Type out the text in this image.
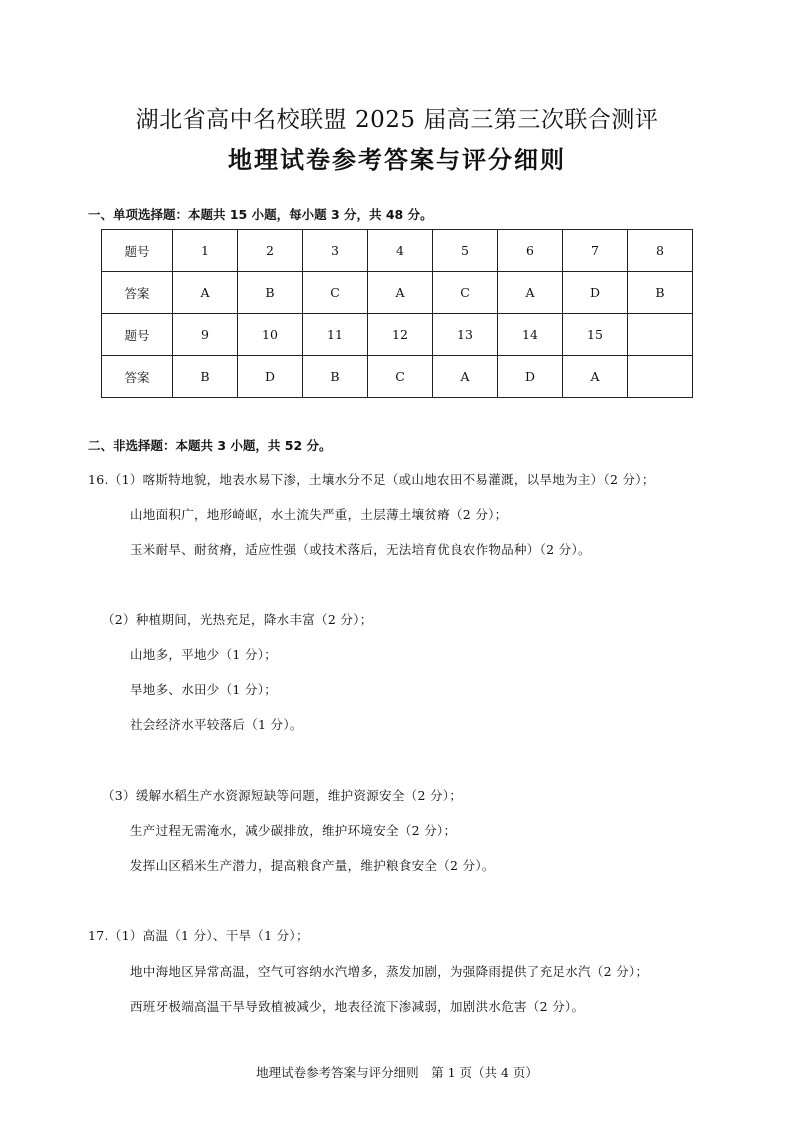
湖北省高中名校联盟 2025 届高三第三次联合测评
地理试卷参考答案与评分细则
一、单项选择题：本题共 15 小题，每小题 3 分，共 48 分。
题号	1	2	3	4	5	6	7	8
答案	A	B	C	A	C	A	D	B
题号	9	10	11	12	13	14	15	
答案	B	D	B	C	A	D	A	
二、非选择题：本题共 3 小题，共 52 分。
16.（1）喀斯特地貌，地表水易下渗，土壤水分不足（或山地农田不易灌溉，以旱地为主）（2 分）；
山地面积广，地形崎岖，水土流失严重，土层薄土壤贫瘠（2 分）；
玉米耐旱、耐贫瘠，适应性强（或技术落后，无法培育优良农作物品种）（2 分）。
（2）种植期间，光热充足，降水丰富（2 分）；
山地多，平地少（1 分）；
旱地多、水田少（1 分）；
社会经济水平较落后（1 分）。
（3）缓解水稻生产水资源短缺等问题，维护资源安全（2 分）；
生产过程无需淹水，减少碳排放，维护环境安全（2 分）；
发挥山区稻米生产潜力，提高粮食产量，维护粮食安全（2 分）。
17.（1）高温（1 分）、干旱（1 分）；
地中海地区异常高温，空气可容纳水汽增多，蒸发加剧，为强降雨提供了充足水汽（2 分）；
西班牙极端高温干旱导致植被减少，地表径流下渗减弱，加剧洪水危害（2 分）。
地理试卷参考答案与评分细则　第 1 页（共 4 页）
